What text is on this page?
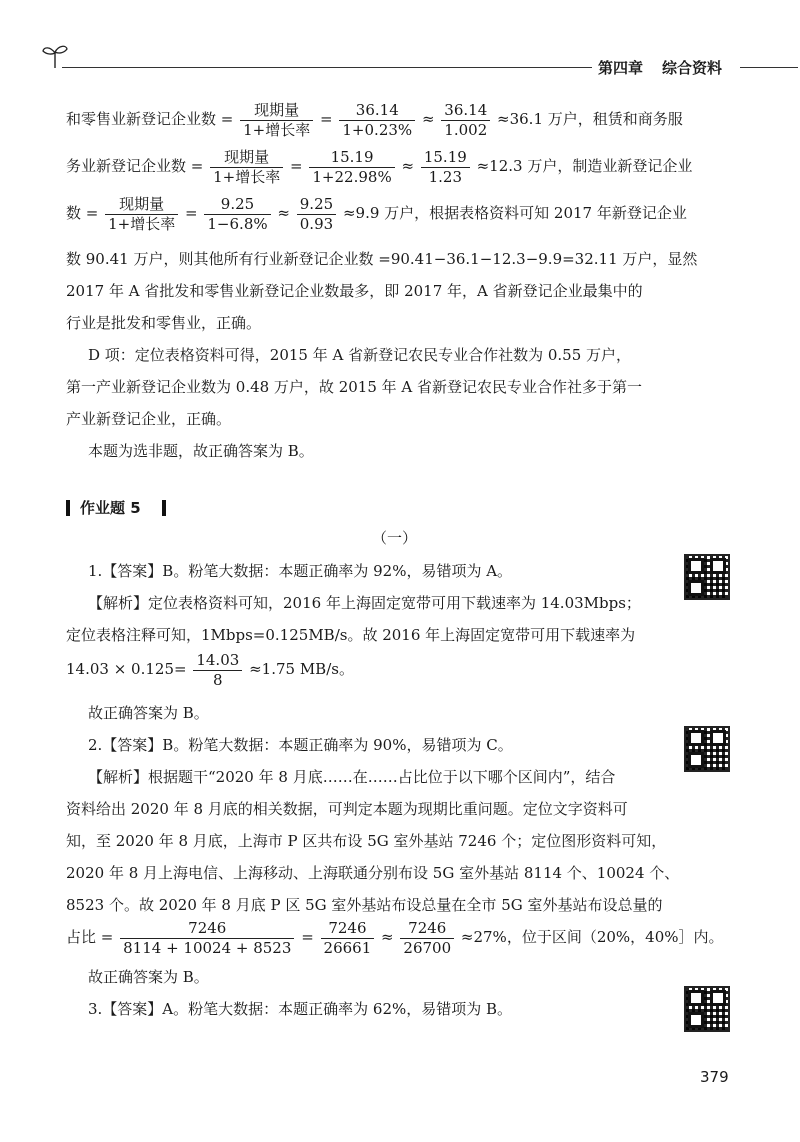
第四章 综合资料
和零售业新登记企业数 = $\frac{\text{现期量}}{\text{1+增长率}} = \frac{36.14}{1+0.23\%} \approx \frac{36.14}{1.002} \approx 36.1$ 万户，租赁和商务服
务业新登记企业数 = $\frac{\text{现期量}}{\text{1+增长率}} = \frac{15.19}{1+22.98\%} \approx \frac{15.19}{1.23} \approx 12.3$ 万户，制造业新登记企业
数 = $\frac{\text{现期量}}{\text{1+增长率}} = \frac{9.25}{1-6.8\%} \approx \frac{9.25}{0.93} \approx 9.9$ 万户，根据表格资料可知 2017 年新登记企业
数 90.41 万户，则其他所有行业新登记企业数 =90.41−36.1−12.3−9.9=32.11 万户，显然
2017 年 A 省批发和零售业新登记企业数最多，即 2017 年，A 省新登记企业最集中的
行业是批发和零售业，正确。
D 项：定位表格资料可得，2015 年 A 省新登记农民专业合作社数为 0.55 万户，
第一产业新登记企业数为 0.48 万户，故 2015 年 A 省新登记农民专业合作社多于第一
产业新登记企业，正确。
本题为选非题，故正确答案为 B。
作业题 5
（一）
1.【答案】B。粉笔大数据：本题正确率为 92%，易错项为 A。
【解析】定位表格资料可知，2016 年上海固定宽带可用下载速率为 14.03Mbps；
定位表格注释可知，1Mbps=0.125MB/s。故 2016 年上海固定宽带可用下载速率为
$14.03 \times 0.125= \frac{14.03}{8} \approx 1.75$ MB/s。
故正确答案为 B。
2.【答案】B。粉笔大数据：本题正确率为 90%，易错项为 C。
【解析】根据题干“2020 年 8 月底……在……占比位于以下哪个区间内”，结合
资料给出 2020 年 8 月底的相关数据，可判定本题为现期比重问题。定位文字资料可
知，至 2020 年 8 月底，上海市 P 区共布设 5G 室外基站 7246 个；定位图形资料可知，
2020 年 8 月上海电信、上海移动、上海联通分别布设 5G 室外基站 8114 个、10024 个、
8523 个。故 2020 年 8 月底 P 区 5G 室外基站布设总量在全市 5G 室外基站布设总量的
占比 = $\frac{7246}{8114 + 10024 + 8523} = \frac{7246}{26661} \approx \frac{7246}{26700} \approx 27\%$，位于区间（20%，40%］内。
故正确答案为 B。
3.【答案】A。粉笔大数据：本题正确率为 62%，易错项为 B。
379
